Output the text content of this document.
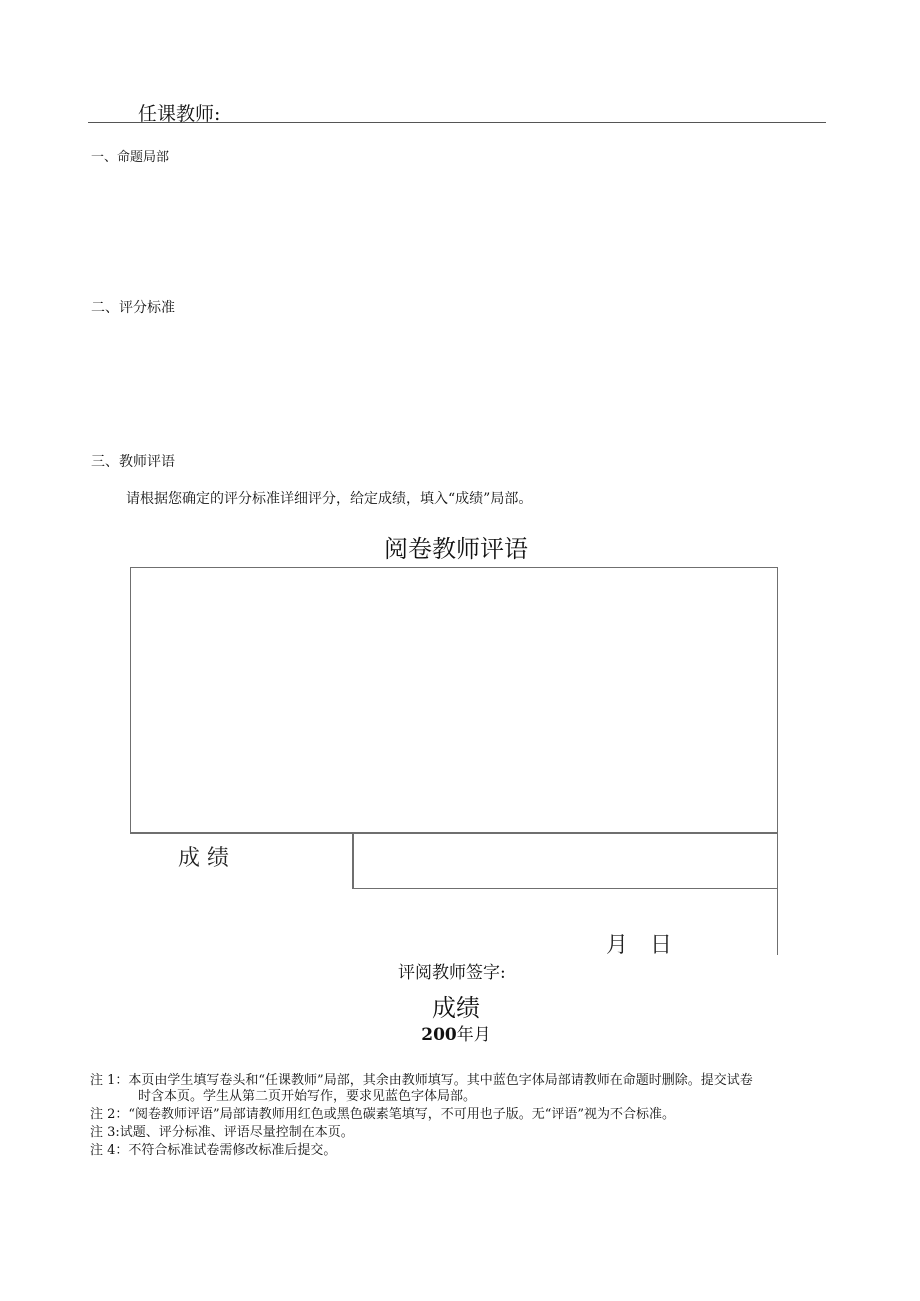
任课教师:
一、命题局部
二、评分标准
三、教师评语
请根据您确定的评分标准详细评分，给定成绩，填入“成绩”局部。
阅卷教师评语
成 绩
月　日
评阅教师签字:
成绩
200年月
注 1：本页由学生填写卷头和“任课教师”局部，其余由教师填写。其中蓝色字体局部请教师在命题时删除。提交试卷
时含本页。学生从第二页开始写作，要求见蓝色字体局部。
注 2：“阅卷教师评语”局部请教师用红色或黑色碳素笔填写，不可用也子版。无“评语”视为不合标准。
注 3:试题、评分标准、评语尽量控制在本页。
注 4：不符合标准试卷需修改标准后提交。
